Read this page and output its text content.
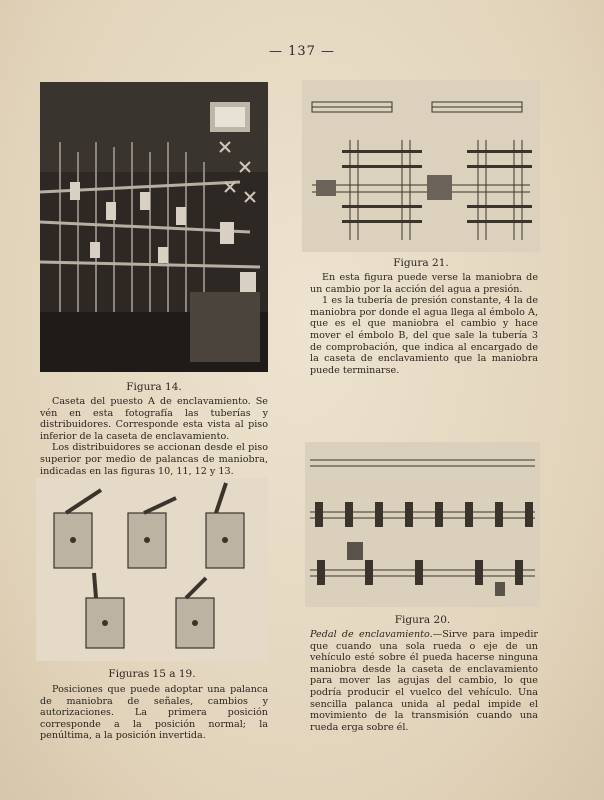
— 137 —
Figura 14.

Caseta del puesto A de enclavamiento. Se vén en esta fotografía las tuberías y distribuidores. Corresponde esta vista al piso inferior de la caseta de enclavamiento.

Los distribuidores se accionan desde el piso superior por medio de palancas de maniobra, indicadas en las figuras 10, 11, 12 y 13.

Figura 21.

En esta figura puede verse la maniobra de un cambio por la acción del agua a presión.

1 es la tubería de presión constante, 4 la de maniobra por donde el agua llega al émbolo A, que es el que maniobra el cambio y hace mover el émbolo B, del que sale la tubería 3 de comprobación, que indica al encargado de la caseta de enclavamiento que la maniobra puede terminarse.

Figuras 15 a 19.

Posiciones que puede adoptar una palanca de maniobra de señales, cambios y autorizaciones. La primera posición corresponde a la posición normal; la penúltima, a la posición invertida.

Figura 20.

Pedal de enclavamiento.—Sirve para impedir que cuando una sola rueda o eje de un vehículo esté sobre él pueda hacerse ninguna maniobra desde la caseta de enclavamiento para mover las agujas del cambio, lo que podría producir el vuelco del vehículo. Una sencilla palanca unida al pedal impide el movimiento de la transmisión cuando una rueda erga sobre él.
